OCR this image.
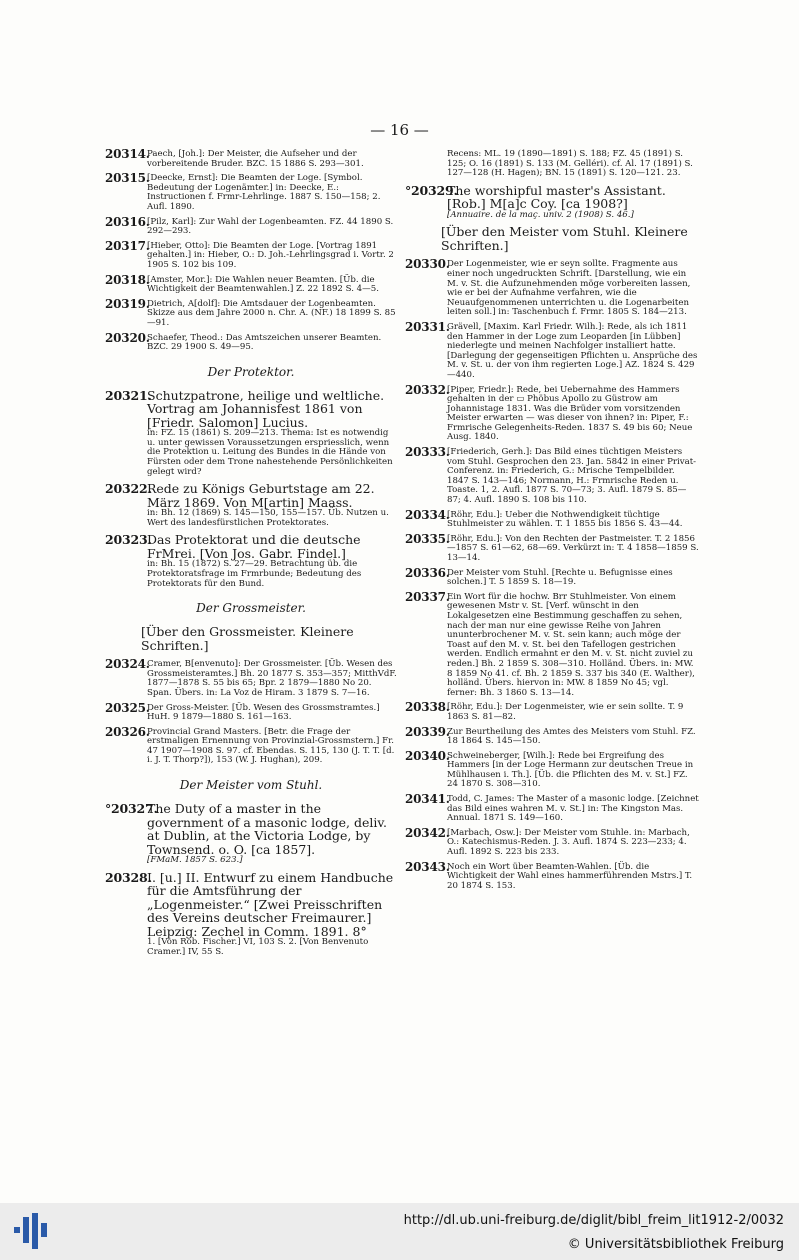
— 16 —
20314.
Paech, [Joh.]: Der Meister, die Aufseher und der vorbereitende Bruder. BZC. 15 1886 S. 293—301.
20315.
[Deecke, Ernst]: Die Beamten der Loge. [Symbol. Bedeutung der Logenämter.] in: Deecke, E.: Instructionen f. Frmr-Lehrlinge. 1887 S. 150—158; 2. Aufl. 1890.
20316.
[Pilz, Karl]: Zur Wahl der Logenbeamten. FZ. 44 1890 S. 292—293.
20317.
[Hieber, Otto]: Die Beamten der Loge. [Vortrag 1891 gehalten.] in: Hieber, O.: D. Joh.-Lehrlingsgrad i. Vortr. 2 1905 S. 102 bis 109.
20318.
[Amster, Mor.]: Die Wahlen neuer Beamten. [Üb. die Wichtigkeit der Beamtenwahlen.] Z. 22 1892 S. 4—5.
20319.
Dietrich, A[dolf]: Die Amtsdauer der Logenbeamten. Skizze aus dem Jahre 2000 n. Chr. A. (NF.) 18 1899 S. 85—91.
20320.
Schaefer, Theod.: Das Amtszeichen unserer Beamten. BZC. 29 1900 S. 49—95.
Der Protektor.
20321.
Schutzpatrone, heilige und weltliche. Vortrag am Johannisfest 1861 von [Friedr. Salomon] Lucius.
in: FZ. 15 (1861) S. 209—213. Thema: Ist es notwendig u. unter gewissen Voraussetzungen erspriesslich, wenn die Protektion u. Leitung des Bundes in die Hände von Fürsten oder dem Trone nahestehende Persönlichkeiten gelegt wird?
20322.
Rede zu Königs Geburtstage am 22. März 1869. Von M[artin] Maass.
in: Bh. 12 (1869) S. 145—150, 155—157. Üb. Nutzen u. Wert des landesfürstlichen Protektorates.
20323.
Das Protektorat und die deutsche FrMrei. [Von Jos. Gabr. Findel.]
in: Bh. 15 (1872) S. 27—29. Betrachtung üb. die Protektoratsfrage im Frmrbunde; Bedeutung des Protektorats für den Bund.
Der Grossmeister.
[Über den Grossmeister. Kleinere Schriften.]
20324.
Cramer, B[envenuto]: Der Grossmeister. [Üb. Wesen des Grossmeisteramtes.] Bh. 20 1877 S. 353—357; MitthVdF. 1877—1878 S. 55 bis 65; Bpr. 2 1879—1880 No 20. Span. Übers. in: La Voz de Hiram. 3 1879 S. 7—16.
20325.
Der Gross-Meister. [Üb. Wesen des Grossmstramtes.] HuH. 9 1879—1880 S. 161—163.
20326.
Provincial Grand Masters. [Betr. die Frage der erstmaligen Ernennung von Provinzial-Grossmstern.] Fr. 47 1907—1908 S. 97. cf. Ebendas. S. 115, 130 (J. T. T. [d. i. J. T. Thorp?]), 153 (W. J. Hughan), 209.
Der Meister vom Stuhl.
°20327.
The Duty of a master in the government of a masonic lodge, deliv. at Dublin, at the Victoria Lodge, by Townsend. o. O. [ca 1857].
[FMaM. 1857 S. 623.]
20328.
I. [u.] II. Entwurf zu einem Handbuche für die Amtsführung der „Logenmeister.“ [Zwei Preisschriften des Vereins deutscher Freimaurer.] Leipzig: Zechel in Comm. 1891. 8°
1. [Von Rob. Fischer.] VI, 103 S. 2. [Von Benvenuto Cramer.] IV, 55 S.
Recens: ML. 19 (1890—1891) S. 188; FZ. 45 (1891) S. 125; O. 16 (1891) S. 133 (M. Gelléri). cf. Al. 17 (1891) S. 127—128 (H. Hagen); BN. 15 (1891) S. 120—121. 23.
°20329.
The worshipful master's Assistant. [Rob.] M[a]c Coy. [ca 1908?]
[Annuaire. de la maç. univ. 2 (1908) S. 46.]
[Über den Meister vom Stuhl. Kleinere Schriften.]
20330.
Der Logenmeister, wie er seyn sollte. Fragmente aus einer noch ungedruckten Schrift. [Darstellung, wie ein M. v. St. die Aufzunehmenden möge vorbereiten lassen, wie er bei der Aufnahme verfahren, wie die Neuaufgenommenen unterrichten u. die Logenarbeiten leiten soll.] in: Taschenbuch f. Frmr. 1805 S. 184—213.
20331.
Grävell, [Maxim. Karl Friedr. Wilh.]: Rede, als ich 1811 den Hammer in der Loge zum Leoparden [in Lübben] niederlegte und meinen Nachfolger installiert hatte. [Darlegung der gegenseitigen Pflichten u. Ansprüche des M. v. St. u. der von ihm regierten Loge.] AZ. 1824 S. 429—440.
20332.
[Piper, Friedr.]: Rede, bei Uebernahme des Hammers gehalten in der ▭ Phöbus Apollo zu Güstrow am Johannistage 1831. Was die Brüder vom vorsitzenden Meister erwarten — was dieser von ihnen? in: Piper, F.: Frmrische Gelegenheits-Reden. 1837 S. 49 bis 60; Neue Ausg. 1840.
20333.
[Friederich, Gerh.]: Das Bild eines tüchtigen Meisters vom Stuhl. Gesprochen den 23. Jan. 5842 in einer Privat-Conferenz. in: Friederich, G.: Mrische Tempelbilder. 1847 S. 143—146; Normann, H.: Frmrische Reden u. Toaste. 1, 2. Aufl. 1877 S. 70—73; 3. Aufl. 1879 S. 85—87; 4. Aufl. 1890 S. 108 bis 110.
20334.
[Röhr, Edu.]: Ueber die Nothwendigkeit tüchtige Stuhlmeister zu wählen. T. 1 1855 bis 1856 S. 43—44.
20335.
[Röhr, Edu.]: Von den Rechten der Pastmeister. T. 2 1856—1857 S. 61—62, 68—69. Verkürzt in: T. 4 1858—1859 S. 13—14.
20336.
Der Meister vom Stuhl. [Rechte u. Befugnisse eines solchen.] T. 5 1859 S. 18—19.
20337.
Ein Wort für die hochw. Brr Stuhlmeister. Von einem gewesenen Mstr v. St. [Verf. wünscht in den Lokalgesetzen eine Bestimmung geschaffen zu sehen, nach der man nur eine gewisse Reihe von Jahren ununterbrochener M. v. St. sein kann; auch möge der Toast auf den M. v. St. bei den Tafellogen gestrichen werden. Endlich ermahnt er den M. v. St. nicht zuviel zu reden.] Bh. 2 1859 S. 308—310. Holländ. Übers. in: MW. 8 1859 No 41. cf. Bh. 2 1859 S. 337 bis 340 (E. Walther), holländ. Übers. hiervon in: MW. 8 1859 No 45; vgl. ferner: Bh. 3 1860 S. 13—14.
20338.
[Röhr, Edu.]: Der Logenmeister, wie er sein sollte. T. 9 1863 S. 81—82.
20339.
Zur Beurtheilung des Amtes des Meisters vom Stuhl. FZ. 18 1864 S. 145—150.
20340.
Schweineberger, [Wilh.]: Rede bei Ergreifung des Hammers [in der Loge Hermann zur deutschen Treue in Mühlhausen i. Th.]. [Üb. die Pflichten des M. v. St.] FZ. 24 1870 S. 308—310.
20341.
Todd, C. James: The Master of a masonic lodge. [Zeichnet das Bild eines wahren M. v. St.] in: The Kingston Mas. Annual. 1871 S. 149—160.
20342.
[Marbach, Osw.]: Der Meister vom Stuhle. in: Marbach, O.: Katechismus-Reden. J. 3. Aufl. 1874 S. 223—233; 4. Aufl. 1892 S. 223 bis 233.
20343.
Noch ein Wort über Beamten-Wahlen. [Üb. die Wichtigkeit der Wahl eines hammerführenden Mstrs.] T. 20 1874 S. 153.
http://dl.ub.uni-freiburg.de/diglit/bibl_freim_lit1912-2/0032
© Universitätsbibliothek Freiburg
